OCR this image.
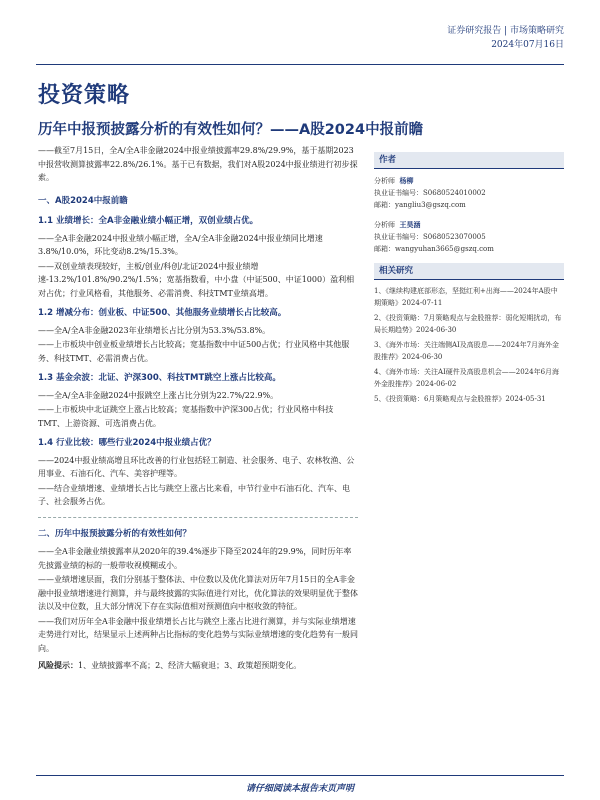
证券研究报告 | 市场策略研究
2024年07月16日
投资策略
历年中报预披露分析的有效性如何？——A股2024中报前瞻

——截至7月15日，全A/全A非金融2024中报业绩披露率29.8%/29.9%，基于基期2023中报营收测算披露率22.8%/26.1%。基于已有数据，我们对A股2024中报业绩进行初步探索。

一、A股2024中报前瞻
1.1 业绩增长：全A非金融业绩小幅正增，双创业绩占优。

——全A非金融2024中报业绩小幅正增，全A/全A非金融2024中报业绩同比增速3.8%/10.0%，环比变动8.2%/15.3%。

——双创业绩表现较好，主板/创业/科创/北证2024中报业绩增速-13.2%/101.8%/90.2%/1.5%；宽基指数看，中小盘（中证500、中证1000）盈利相对占优；行业风格看，其他服务、必需消费、科技TMT业绩高增。

1.2 增减分布：创业板、中证500、其他服务业绩增长占比较高。

——全A/全A非金融2023年业绩增长占比分别为53.3%/53.8%。

——上市板块中创业板业绩增长占比较高；宽基指数中中证500占优；行业风格中其他服务、科技TMT、必需消费占优。

1.3 基金余波：北证、沪深300、科技TMT跳空上涨占比较高。

——全A/全A非金融2024中报跳空上涨占比分别为22.7%/22.9%。

——上市板块中北证跳空上涨占比较高；宽基指数中沪深300占优；行业风格中科技TMT、上游资源、可选消费占优。

1.4 行业比较：哪些行业2024中报业绩占优？

——2024中报业绩高增且环比改善的行业包括轻工制造、社会服务、电子、农林牧渔、公用事业、石油石化、汽车、美容护理等。

——结合业绩增速、业绩增长占比与跳空上涨占比来看，中节行业中石油石化、汽车、电子、社会服务占优。

二、历年中报预披露分析的有效性如何？

——全A非金融业绩披露率从2020年的39.4%逐步下降至2024年的29.9%，同时历年率先披露业绩的标的一般带收视模糊或小。

——业绩增速层面，我们分别基于整体法、中位数以及优化算法对历年7月15日的全A非金融中报业绩增速进行测算，并与最终披露的实际值进行对比，优化算法的效果明显优于整体法以及中位数，且大部分情况下存在实际值相对预测值向中枢收敛的特征。

——我们对历年全A非金融中报业绩增长占比与跳空上涨占比进行测算，并与实际业绩增速走势进行对比，结果显示上述两种占比指标的变化趋势与实际业绩增速的变化趋势有一般同向。

风险提示：1、业绩披露率不高；2、经济大幅衰退；3、政策超预期变化。

作者
分析师 杨柳
执业证书编号：S0680524010002
邮箱：yangliu3@gszq.com
分析师 王昊涵
执业证书编号：S0680523070005
邮箱：wangyuhan3665@gszq.com
相关研究
1、《继续构建底部形态，坚挺红利+出海——2024年A股中期策略》2024-07-11
2、《投资策略：7月策略观点与金股推荐：弱化短期扰动，布局长期趋势》2024-06-30
3、《海外市场：关注端侧AI及高股息——2024年7月海外金股推荐》2024-06-30
4、《海外市场：关注AI硬件及高股息机会——2024年6月海外金股推荐》2024-06-02
5、《投资策略：6月策略观点与金股推荐》2024-05-31
请仔细阅读本报告末页声明
